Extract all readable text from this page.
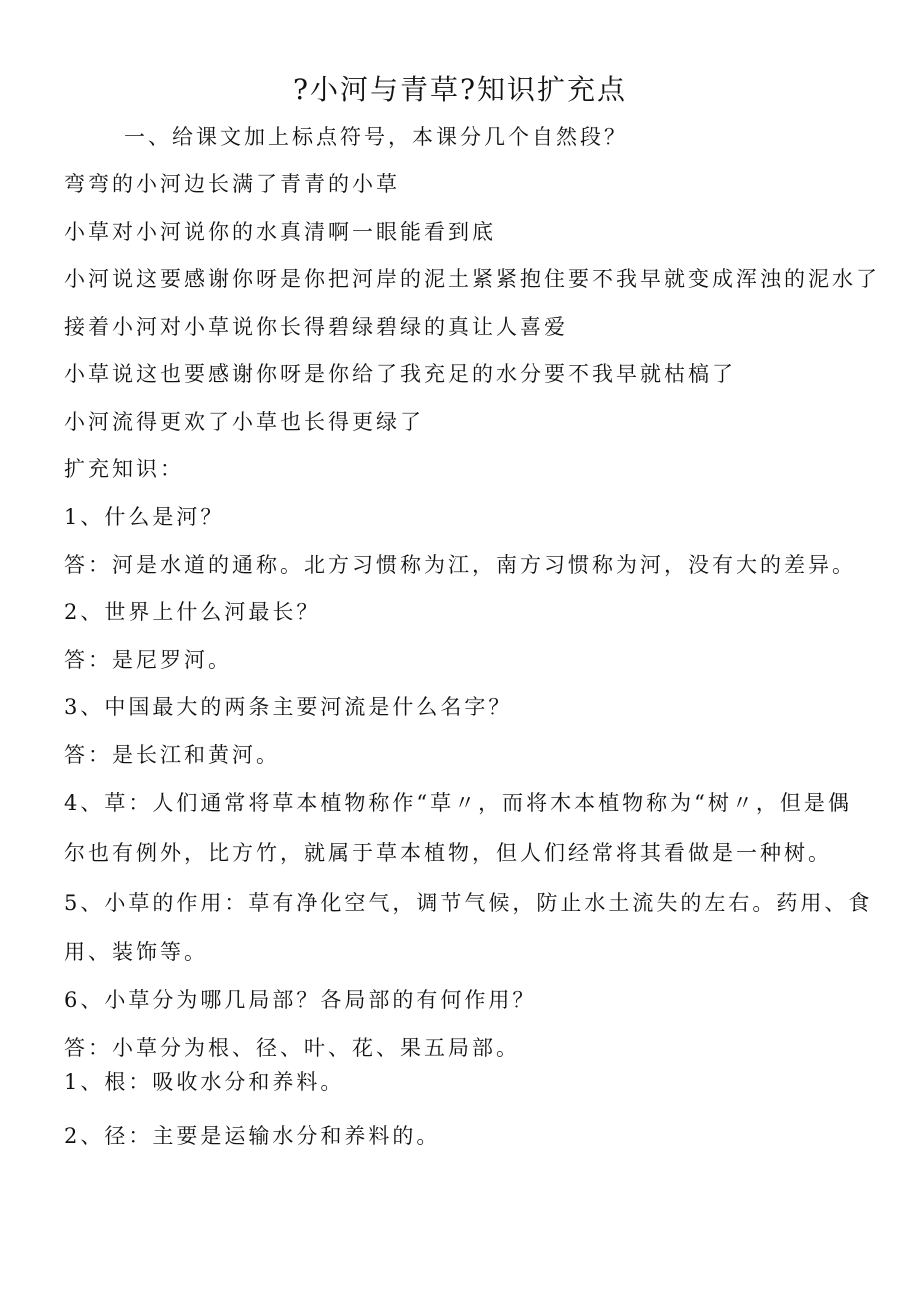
?小河与青草?知识扩充点
一、给课文加上标点符号，本课分几个自然段？
弯弯的小河边长满了青青的小草
小草对小河说你的水真清啊一眼能看到底
小河说这要感谢你呀是你把河岸的泥土紧紧抱住要不我早就变成浑浊的泥水了
接着小河对小草说你长得碧绿碧绿的真让人喜爱
小草说这也要感谢你呀是你给了我充足的水分要不我早就枯槁了
小河流得更欢了小草也长得更绿了
扩充知识：
1、什么是河？
答：河是水道的通称。北方习惯称为江，南方习惯称为河，没有大的差异。
2、世界上什么河最长？
答：是尼罗河。
3、中国最大的两条主要河流是什么名字？
答：是长江和黄河。
4、草：人们通常将草本植物称作“草〃，而将木本植物称为“树〃，但是偶
尔也有例外，比方竹，就属于草本植物，但人们经常将其看做是一种树。
5、小草的作用：草有净化空气，调节气候，防止水土流失的左右。药用、食
用、装饰等。
6、小草分为哪几局部？各局部的有何作用？
答：小草分为根、径、叶、花、果五局部。
1、根：吸收水分和养料。
2、径：主要是运输水分和养料的。
